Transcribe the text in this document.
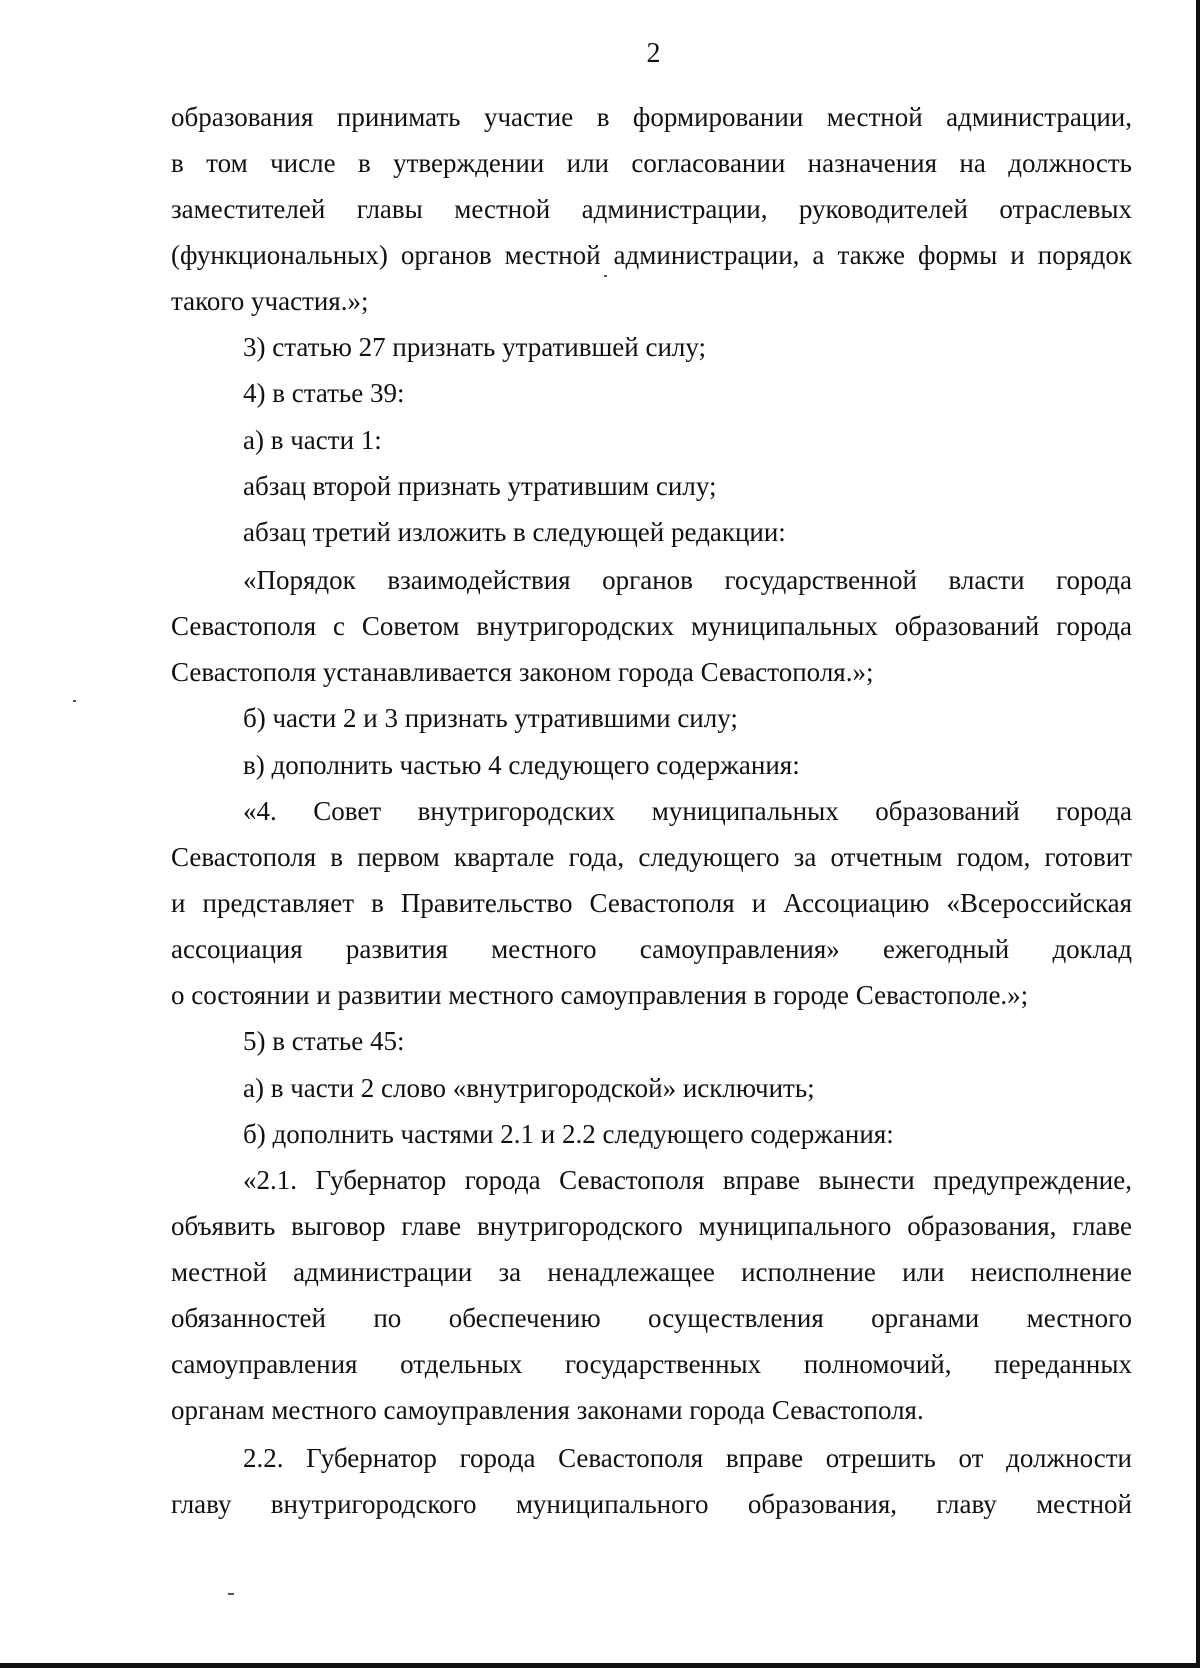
2
образования принимать участие в формировании местной администрации,
в том числе в утверждении или согласовании назначения на должность
заместителей главы местной администрации, руководителей отраслевых
(функциональных) органов местной администрации, а также формы и порядок
такого участия.»;
3) статью 27 признать утратившей силу;
4) в статье 39:
а) в части 1:
абзац второй признать утратившим силу;
абзац третий изложить в следующей редакции:
«Порядок взаимодействия органов государственной власти города
Севастополя с Советом внутригородских муниципальных образований города
Севастополя устанавливается законом города Севастополя.»;
б) части 2 и 3 признать утратившими силу;
в) дополнить частью 4 следующего содержания:
«4. Совет внутригородских муниципальных образований города
Севастополя в первом квартале года, следующего за отчетным годом, готовит
и представляет в Правительство Севастополя и Ассоциацию «Всероссийская
ассоциация развития местного самоуправления» ежегодный доклад
о состоянии и развитии местного самоуправления в городе Севастополе.»;
5) в статье 45:
а) в части 2 слово «внутригородской» исключить;
б) дополнить частями 2.1 и 2.2 следующего содержания:
«2.1. Губернатор города Севастополя вправе вынести предупреждение,
объявить выговор главе внутригородского муниципального образования, главе
местной администрации за ненадлежащее исполнение или неисполнение
обязанностей по обеспечению осуществления органами местного
самоуправления отдельных государственных полномочий, переданных
органам местного самоуправления законами города Севастополя.
2.2. Губернатор города Севастополя вправе отрешить от должности
главу внутригородского муниципального образования, главу местной
